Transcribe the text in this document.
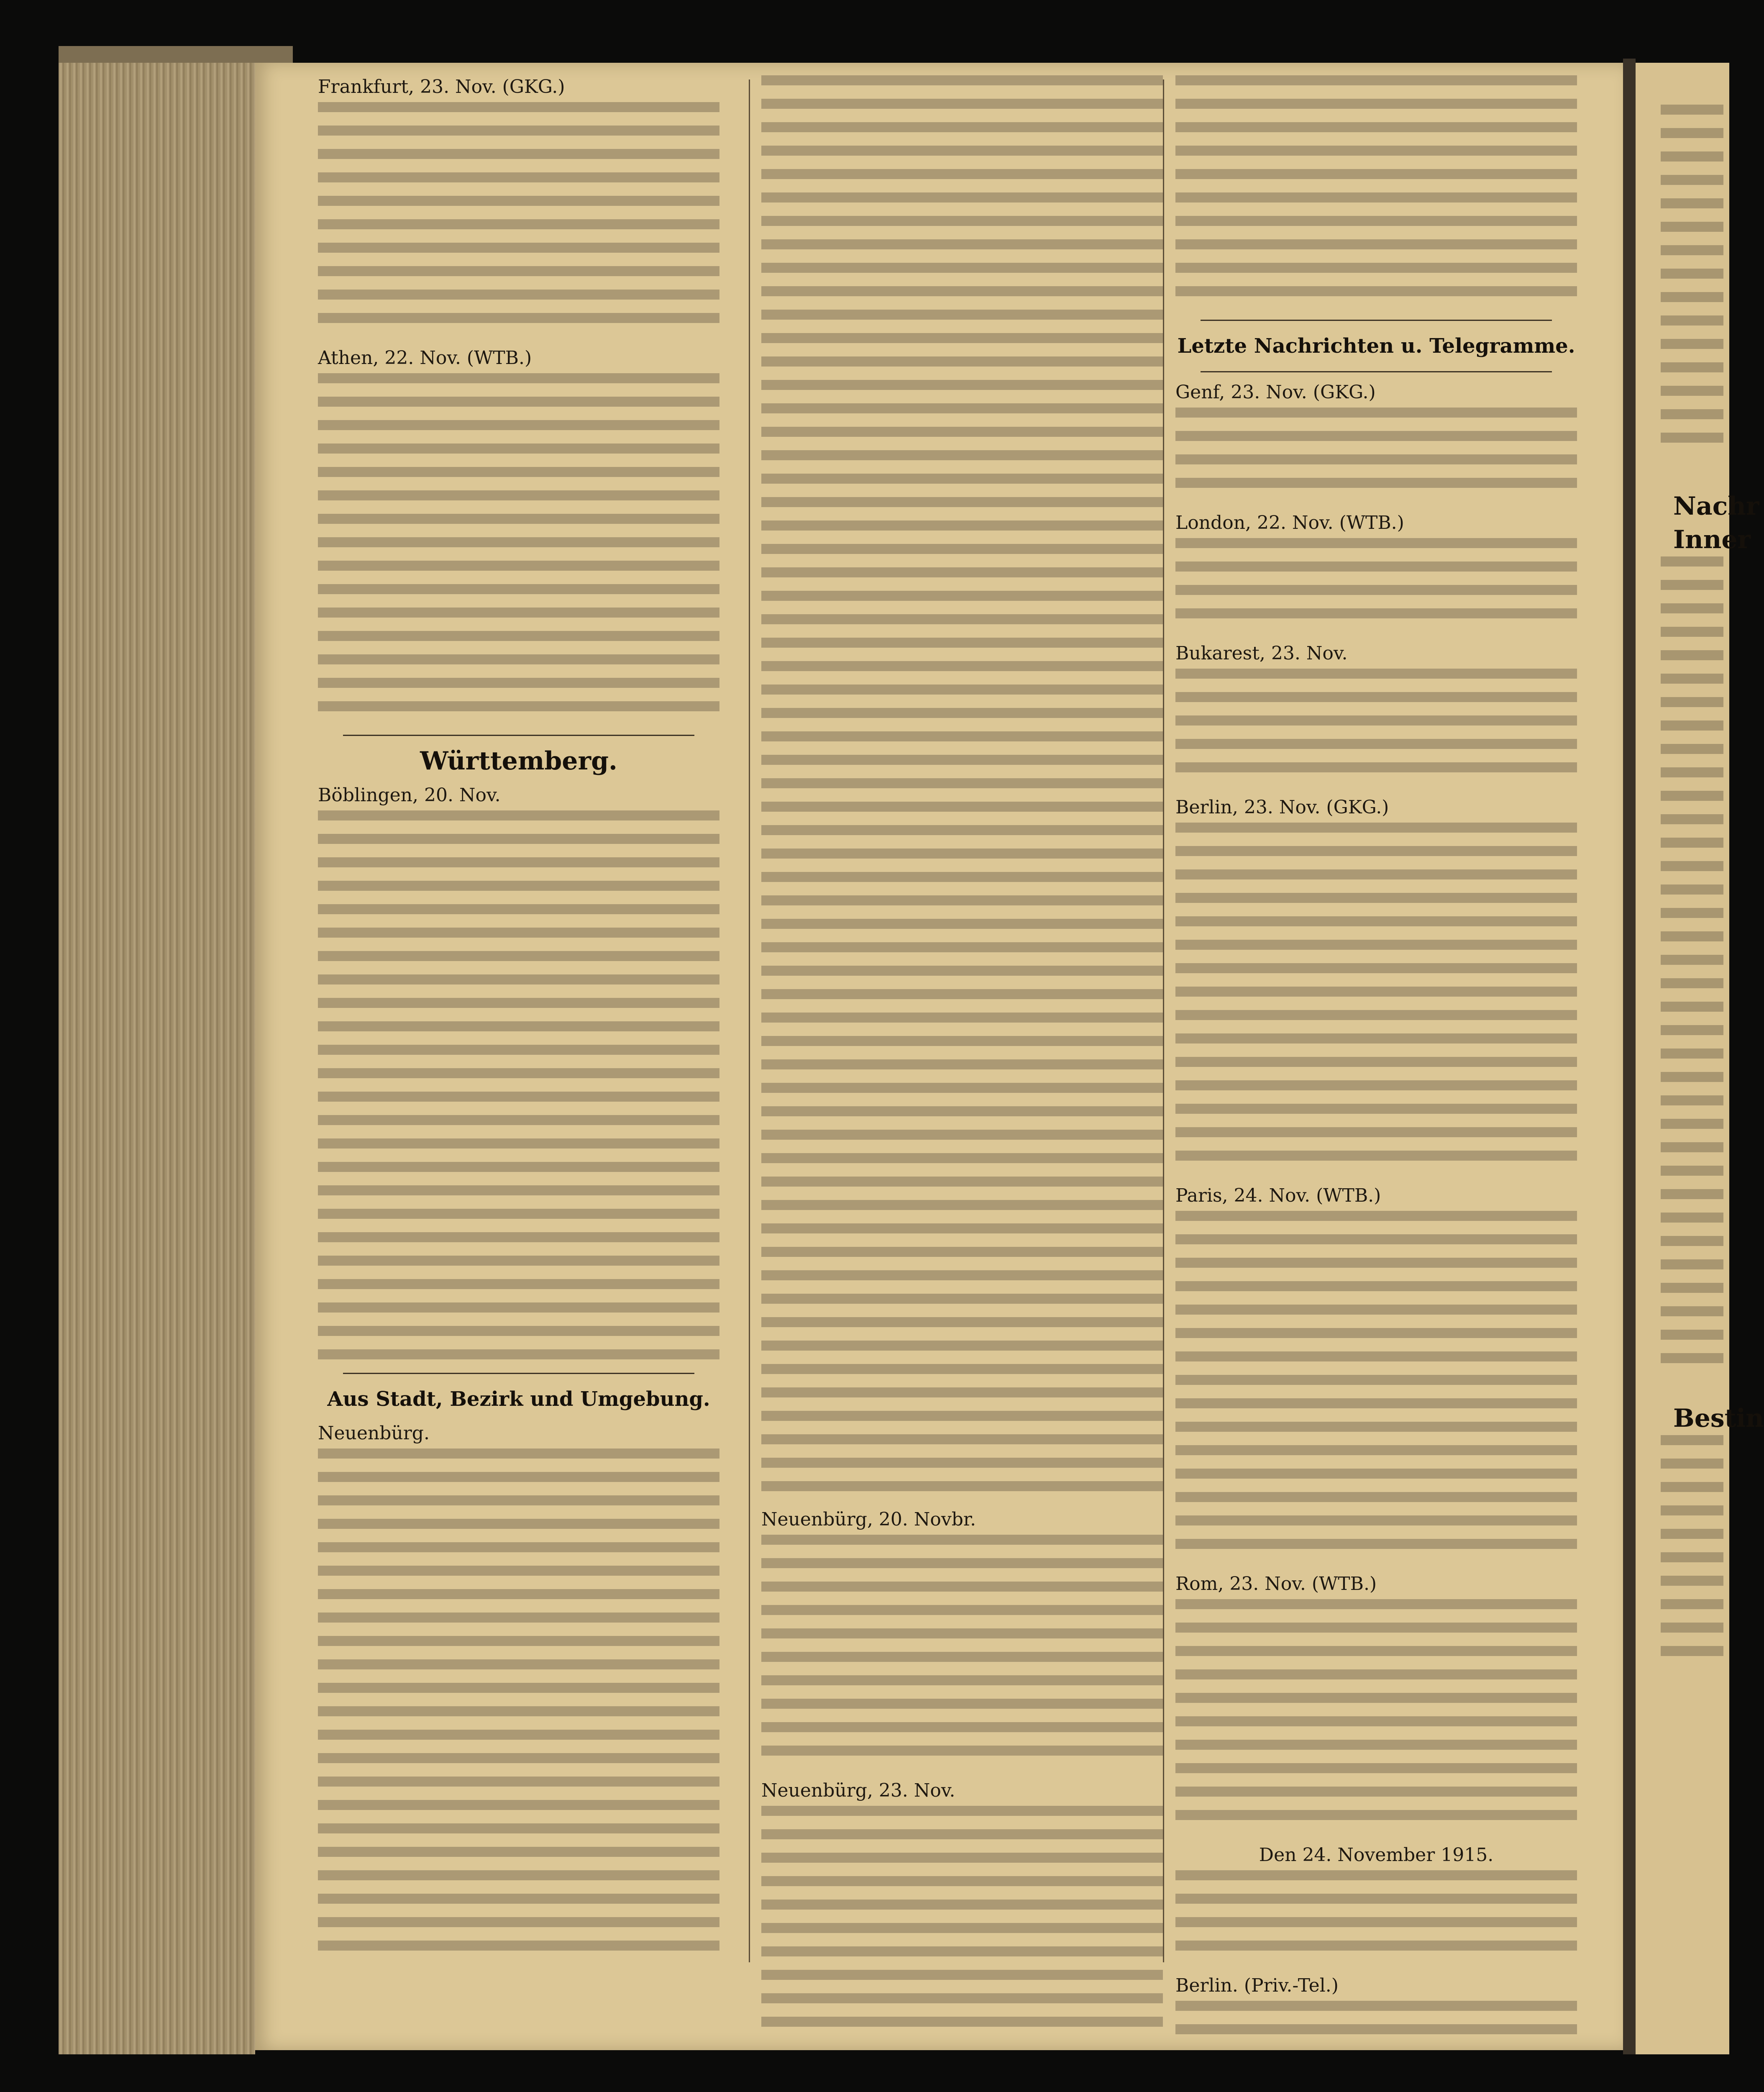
Frankfurt, 23. Nov. (GKG.)

Athen, 22. Nov. (WTB.)

Württemberg.

Böblingen, 20. Nov.

Aus Stadt, Bezirk und Umgebung.

Neuenbürg.

Neuenbürg, 20. Novbr.

Neuenbürg, 23. Nov.

Letzte Nachrichten u. Telegramme.

Genf, 23. Nov. (GKG.)

London, 22. Nov. (WTB.)

Bukarest, 23. Nov.

Berlin, 23. Nov. (GKG.)

Paris, 24. Nov. (WTB.)

Rom, 23. Nov. (WTB.)

Den 24. November 1915.

Berlin. (Priv.-Tel.)

Nachr
Inner
Bestin
